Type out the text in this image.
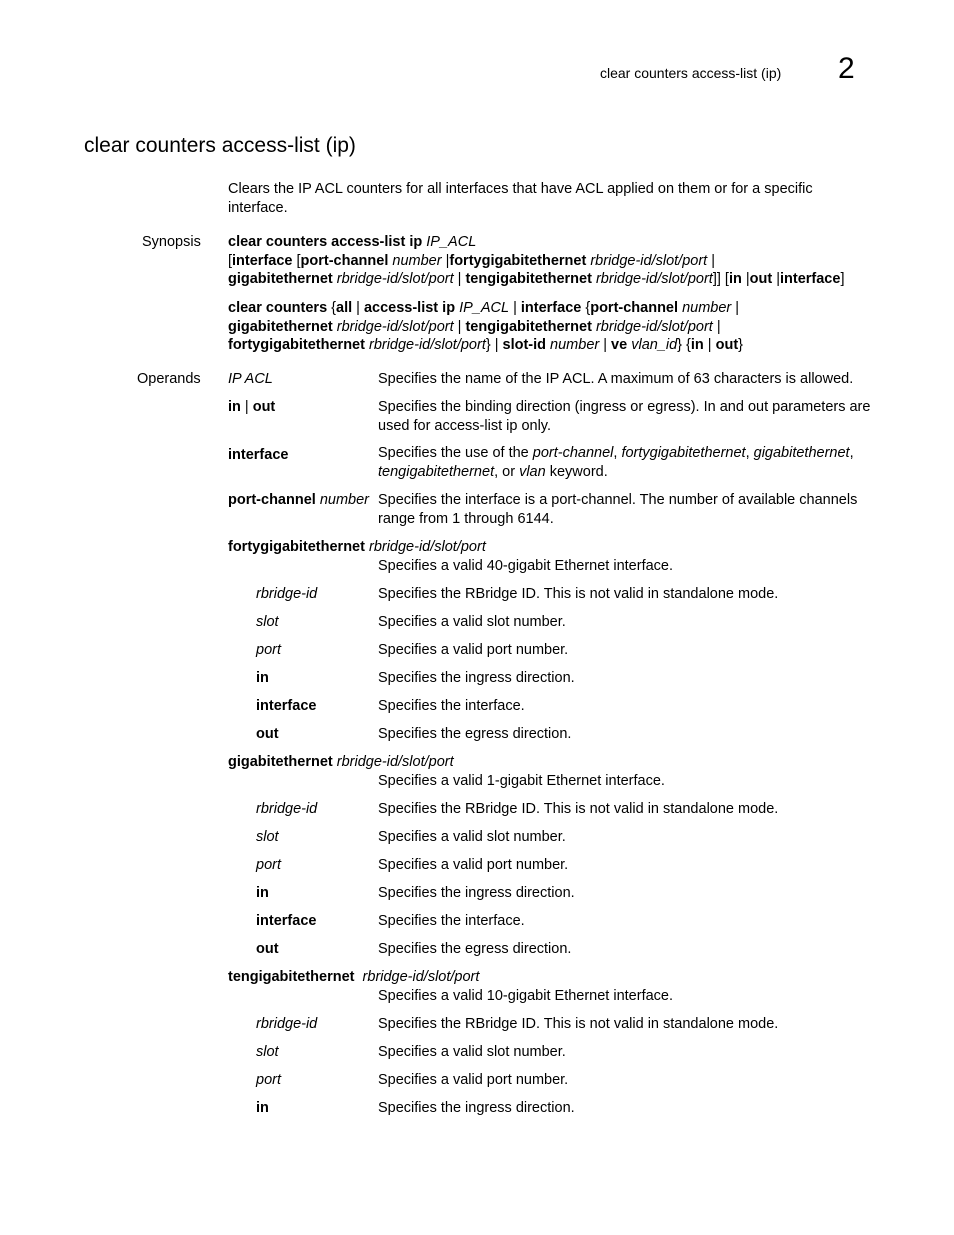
clear counters access-list (ip) 2
clear counters access-list (ip)
Clears the IP ACL counters for all interfaces that have ACL applied on them or for a specific interface.
Synopsis clear counters access-list ip IP_ACL
[interface [port-channel number |fortygigabitethernet rbridge-id/slot/port |
gigabitethernet rbridge-id/slot/port | tengigabitethernet rbridge-id/slot/port]] [in |out |interface]
clear counters {all | access-list ip IP_ACL | interface {port-channel number |
gigabitethernet rbridge-id/slot/port | tengigabitethernet rbridge-id/slot/port |
fortygigabitethernet rbridge-id/slot/port} | slot-id number | ve vlan_id} {in | out}
Operands IP ACL	Specifies the name of the IP ACL. A maximum of 63 characters is allowed.
in | out	Specifies the binding direction (ingress or egress). In and out parameters are used for access-list ip only.
interface	Specifies the use of the port-channel, fortygigabitethernet, gigabitethernet,
tengigabitethernet, or vlan keyword.
port-channel number Specifies the interface is a port-channel. The number of available channels range from 1 through 6144.
fortygigabitethernet rbridge-id/slot/port
Specifies a valid 40-gigabit Ethernet interface.
rbridge-id	Specifies the RBridge ID. This is not valid in standalone mode.
slot	Specifies a valid slot number.
port	Specifies a valid port number.
in	Specifies the ingress direction.
interface	Specifies the interface.
out	Specifies the egress direction.
gigabitethernet rbridge-id/slot/port
Specifies a valid 1-gigabit Ethernet interface.
rbridge-id	Specifies the RBridge ID. This is not valid in standalone mode.
slot	Specifies a valid slot number.
port	Specifies a valid port number.
in	Specifies the ingress direction.
interface	Specifies the interface.
out	Specifies the egress direction.
tengigabitethernet rbridge-id/slot/port
Specifies a valid 10-gigabit Ethernet interface.
rbridge-id	Specifies the RBridge ID. This is not valid in standalone mode.
slot	Specifies a valid slot number.
port	Specifies a valid port number.
in	Specifies the ingress direction.
